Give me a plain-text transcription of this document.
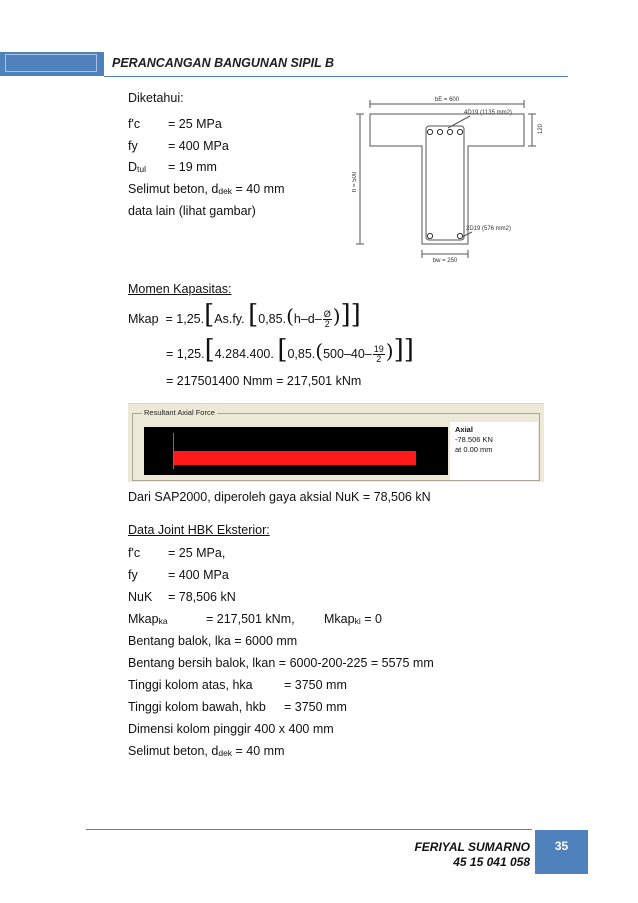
PERANCANGAN BANGUNAN SIPIL B
Diketahui:
f'c = 25 MPa
fy = 400 MPa
Dtul = 19 mm
Selimut beton, ddek = 40 mm
data lain (lihat gambar)
bE = 600
4D19 (1135 mm2)
120
h = 500
2D19 (576 mm2)
bw = 250
Momen Kapasitas:
Mkap = 1,25.[As.fy. [$0,85.(h-d- \frac{Ø}{2}$ )]]
= 1,25.[4.284.400. [$0,85.(500-40- \frac{19}{2}$ )]]
= 217501400 Nmm = 217,501 kNm
Resultant Axial Force
Axial
-78.506 KN
at 0.00 mm
Dari SAP2000, diperoleh gaya aksial NuK = 78,506 kN
Data Joint HBK Eksterior:
f'c = 25 MPa,
fy = 400 MPa
NuK = 78,506 kN
Mkapka	= 217,501 kNm, Mkapki = 0
Bentang balok, lka = 6000 mm
Bentang bersih balok, lkan = 6000-200-225 = 5575 mm
Tinggi kolom atas, hka	= 3750 mm
Tinggi kolom bawah, hkb = 3750 mm
Dimensi kolom pinggir 400 x 400 mm
Selimut beton, ddek = 40 mm
FERIYAL SUMARNO
45 15 041 058
35
